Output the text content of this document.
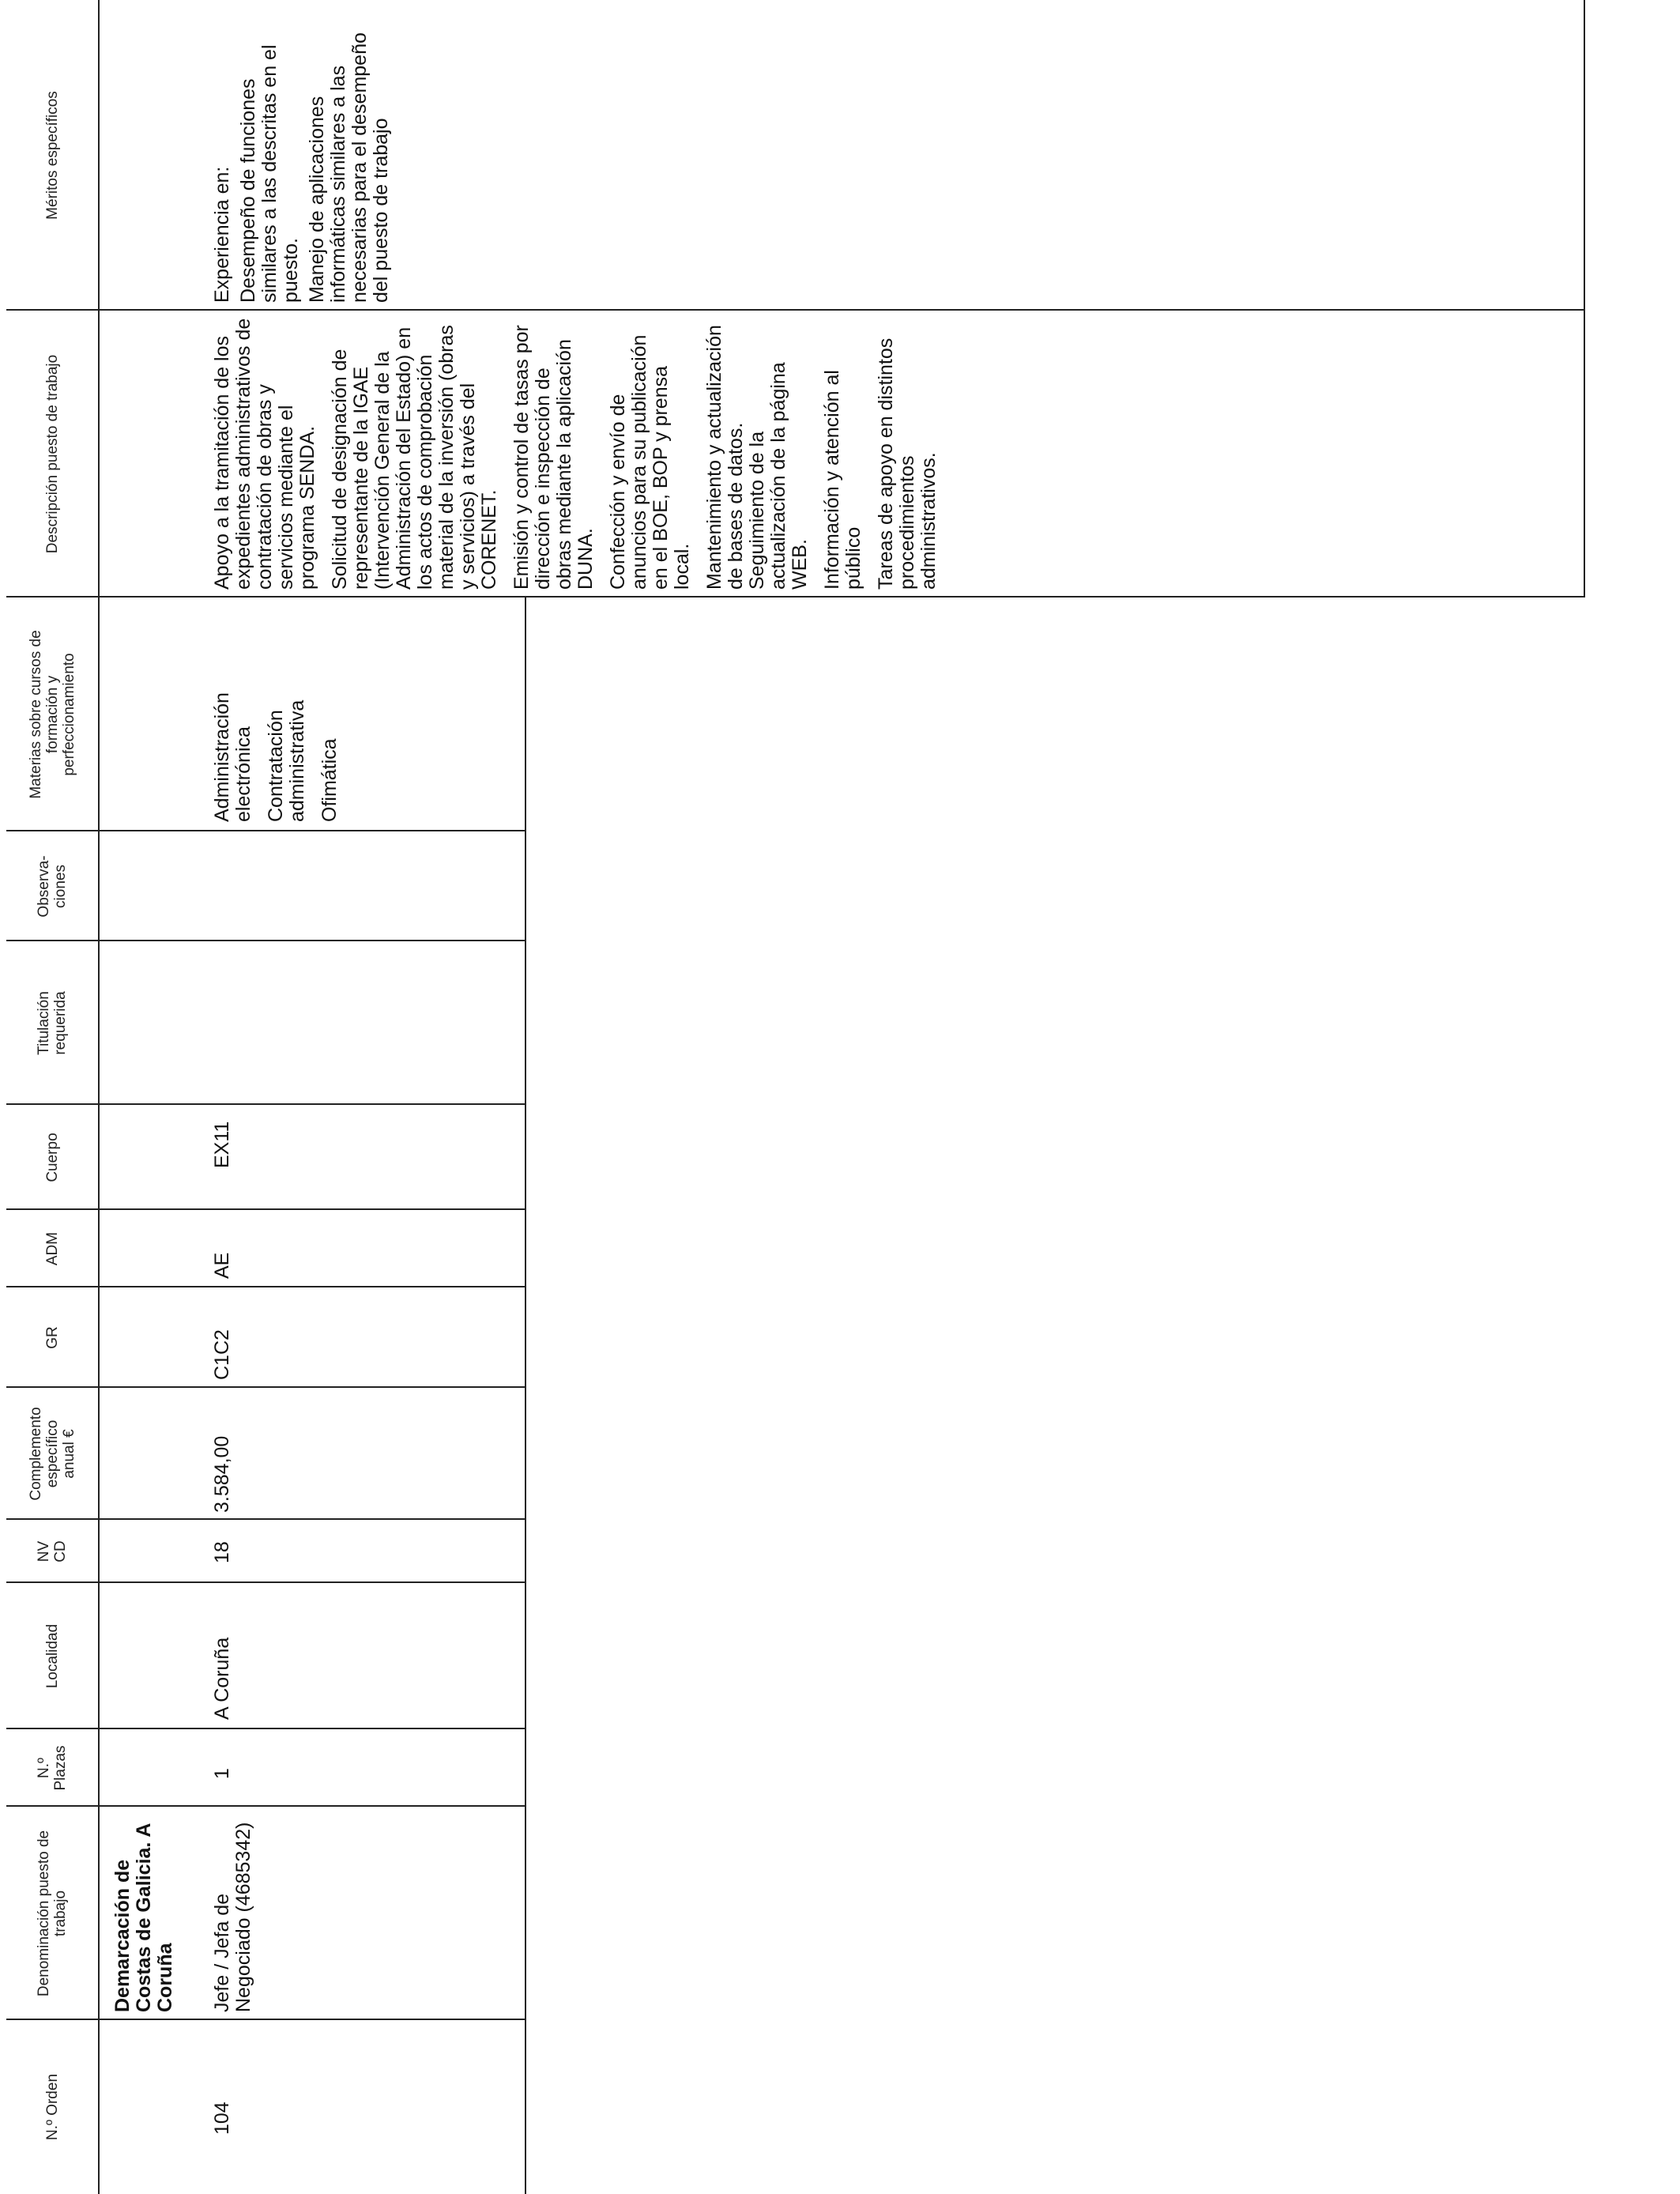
N.º Orden
Denominación puesto de trabajo
N.º Plazas
Localidad
NV CD
Complemento específico anual €
GR
ADM
Cuerpo
Titulación requerida
Observa- ciones
Materias sobre cursos de formación y perfeccionamiento
Descripción puesto de trabajo
Méritos específicos
Demarcación de Costas de Galicia. A Coruña
104
Jefe / Jefa de Negociado (4685342)
1
A Coruña
18
3.584,00
C1C2
AE
EX11

Administración electrónica Contratación administrativa Ofimática

Apoyo a la tramitación de los expedientes administrativos de contratación de obras y servicios mediante el programa SENDA. Solicitud de designación de representante de la IGAE (Intervención General de la Administración del Estado) en los actos de comprobación material de la inversión (obras y servicios) a través del CORENET. Emisión y control de tasas por dirección e inspección de obras mediante la aplicación DUNA. Confección y envío de anuncios para su publicación en el BOE, BOP y prensa local. Mantenimiento y actualización de bases de datos. Seguimiento de la actualización de la página WEB. Información y atención al público Tareas de apoyo en distintos procedimientos administrativos.

Experiencia en: Desempeño de funciones similares a las descritas en el puesto. Manejo de aplicaciones informáticas similares a las necesarias para el desempeño del puesto de trabajo
